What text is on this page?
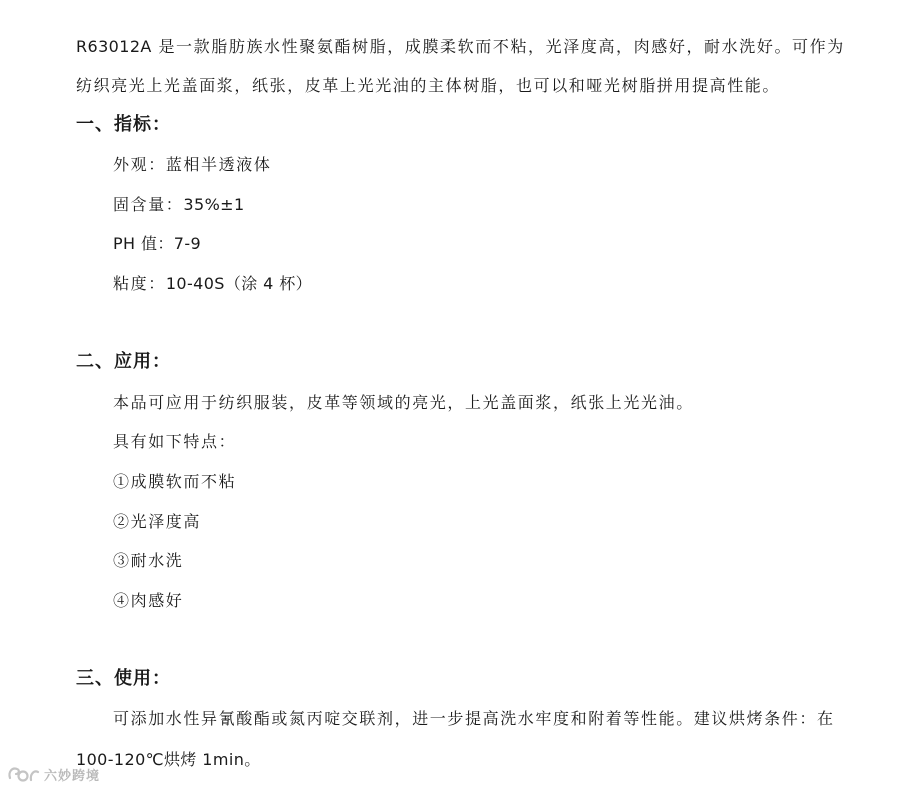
R63012A 是一款脂肪族水性聚氨酯树脂，成膜柔软而不粘，光泽度高，肉感好，耐水洗好。可作为
纺织亮光上光盖面浆，纸张，皮革上光光油的主体树脂，也可以和哑光树脂拼用提高性能。
一、指标：
外观：蓝相半透液体
固含量：35%±1
PH 值：7-9
粘度：10-40S（涂 4 杯）
二、应用：
本品可应用于纺织服装，皮革等领域的亮光，上光盖面浆，纸张上光光油。
具有如下特点：
①成膜软而不粘
②光泽度高
③耐水洗
④肉感好
三、使用：
可添加水性异氰酸酯或氮丙啶交联剂，进一步提高洗水牢度和附着等性能。建议烘烤条件：在
100-120℃烘烤 1min。
六妙跨境
